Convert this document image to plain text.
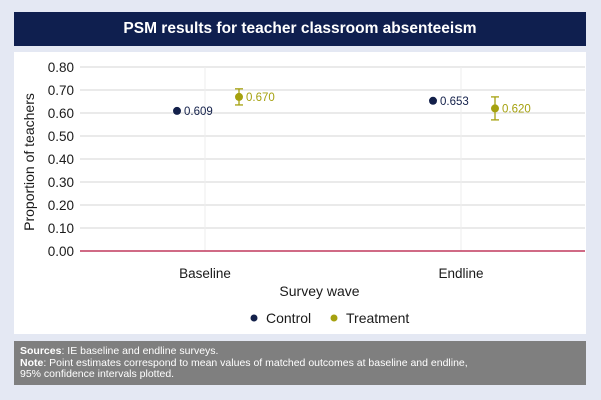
PSM results for teacher classroom absenteeism
0.00
0.10
0.20
0.30
0.40
0.50
0.60
0.70
0.80
Baseline	Endline
0.609
0.653
0.670
0.620
Proportion of teachers
Survey wave
Control Treatment
Sources: IE baseline and endline surveys.
Note: Point estimates correspond to mean values of matched outcomes at baseline and endline,
95% confidence intervals plotted.
